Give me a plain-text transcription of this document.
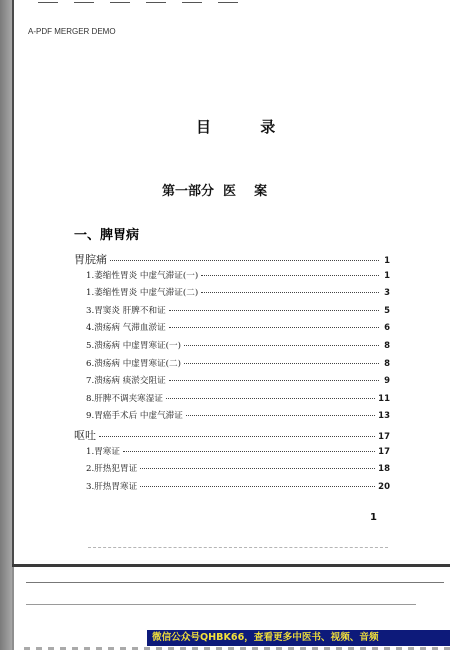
A-PDF MERGER DEMO
目 录
第一部分  医    案
一、脾胃病
胃脘痛	1
1.萎缩性胃炎 中虚气滞证(一)	1
1.萎缩性胃炎 中虚气滞证(二)	3
3.胃窦炎 肝脾不和证	5
4.溃疡病 气滞血淤证	6
5.溃疡病 中虚胃寒证(一)	8
6.溃疡病 中虚胃寒证(二)	8
7.溃疡病 痰淤交阻证	9
8.肝脾不调夹寒湿证	11
9.胃癌手术后 中虚气滞证	13
呕吐	17
1.胃寒证	17
2.肝热犯胃证	18
3.肝热胃寒证	20
1
微信公众号QHBK66，查看更多中医书、视频、音频
